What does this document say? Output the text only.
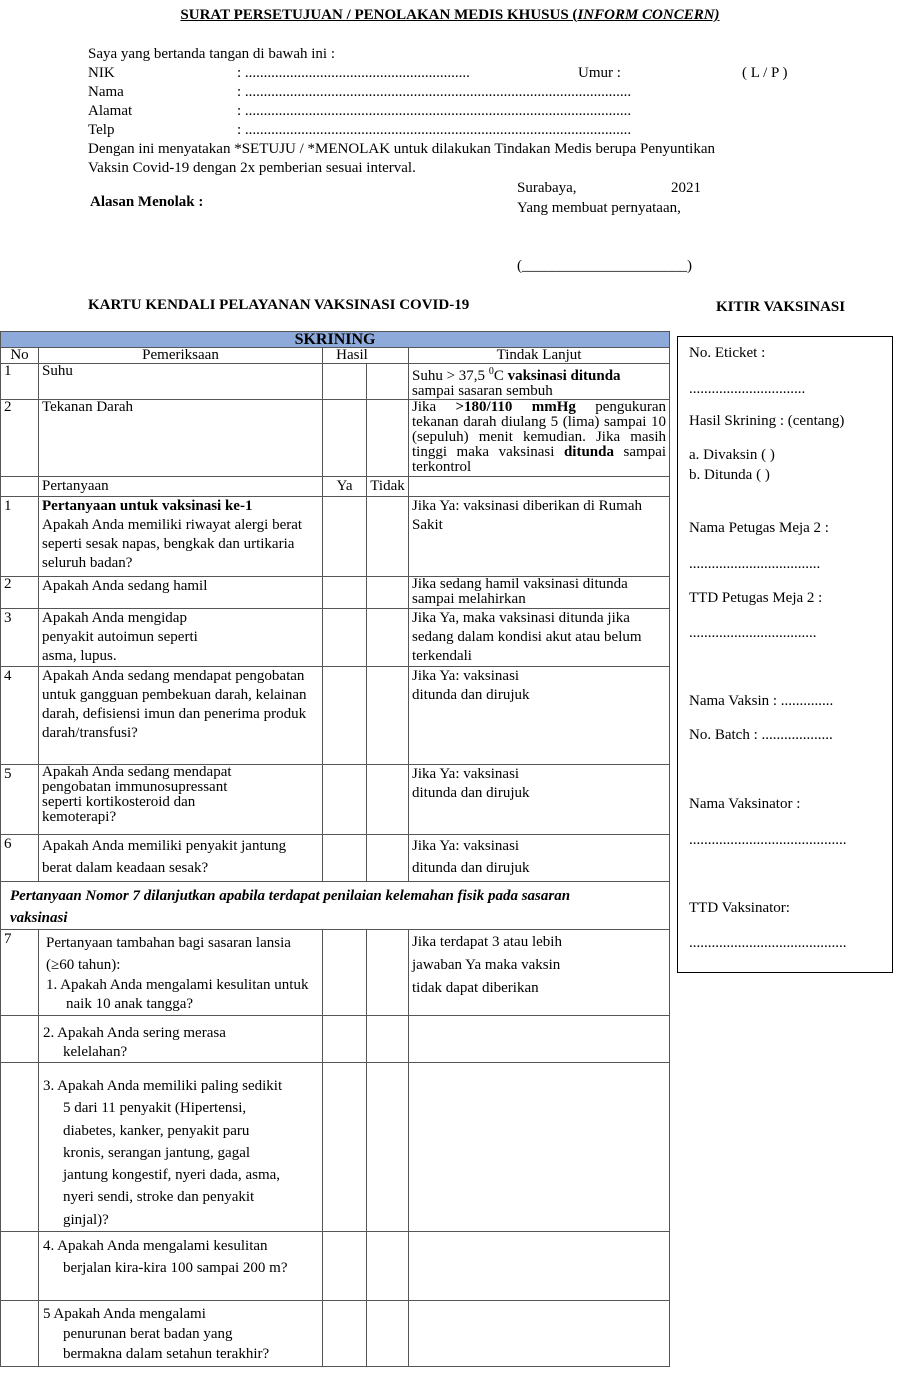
SURAT PERSETUJUAN / PENOLAKAN MEDIS KHUSUS (INFORM CONCERN)
Saya yang bertanda tangan di bawah ini :
NIK	: ............................................................	Umur :	( L / P )
Nama	: .......................................................................................................
Alamat	: .......................................................................................................
Telp	: .......................................................................................................
Dengan ini menyatakan *SETUJU / *MENOLAK untuk dilakukan Tindakan Medis berupa Penyuntikan
Vaksin Covid-19 dengan 2x pemberian sesuai interval.
Surabaya,	2021
Alasan Menolak :	Yang membuat pernyataan,
(______________________)
KARTU KENDALI PELAYANAN VAKSINASI COVID-19	KITIR VAKSINASI
SKRINING				
No	Pemeriksaan	Hasil		Tindak Lanjut
1	Suhu			Suhu > 37,5 $^0$C vaksinasi ditunda
sampai sasaran sembuh
2	Tekanan Darah			Jika >180/110 mmHg pengukuran tekanan darah diulang 5 (lima) sampai 10 (sepuluh) menit kemudian. Jika masih tinggi maka vaksinasi ditunda sampai terkontrol
	Pertanyaan	Ya	Tidak	
1	Pertanyaan untuk vaksinasi ke-1
Apakah Anda memiliki riwayat alergi berat seperti sesak napas, bengkak dan urtikaria seluruh badan?			Jika Ya: vaksinasi diberikan di Rumah Sakit
2	Apakah Anda sedang hamil			Jika sedang hamil vaksinasi ditunda sampai melahirkan
3	Apakah Anda mengidap penyakit autoimun seperti asma, lupus.			Jika Ya, maka vaksinasi ditunda jika sedang dalam kondisi akut atau belum terkendali
4	Apakah Anda sedang mendapat pengobatan untuk gangguan pembekuan darah, kelainan darah, defisiensi imun dan penerima produk darah/transfusi?			Jika Ya: vaksinasi ditunda dan dirujuk
5	Apakah Anda sedang mendapat pengobatan immunosupressant seperti kortikosteroid dan kemoterapi?			Jika Ya: vaksinasi ditunda dan dirujuk
6	Apakah Anda memiliki penyakit jantung berat dalam keadaan sesak?			Jika Ya: vaksinasi ditunda dan dirujuk
Pertanyaan Nomor 7 dilanjutkan apabila terdapat penilaian kelemahan fisik pada sasaran vaksinasi				
7	Pertanyaan tambahan bagi sasaran lansia (≥60 tahun):
1. Apakah Anda mengalami kesulitan untuk naik 10 anak tangga?			Jika terdapat 3 atau lebih jawaban Ya maka vaksin tidak dapat diberikan
	2. Apakah Anda sering merasa kelelahan?			
	3. Apakah Anda memiliki paling sedikit 5 dari 11 penyakit (Hipertensi, diabetes, kanker, penyakit paru kronis, serangan jantung, gagal jantung kongestif, nyeri dada, asma, nyeri sendi, stroke dan penyakit ginjal)?			
	4. Apakah Anda mengalami kesulitan berjalan kira-kira 100 sampai 200 m?			
	5 Apakah Anda mengalami penurunan berat badan yang bermakna dalam setahun terakhir?			
No. Eticket :
...............................
Hasil Skrining : (centang)
a. Divaksin ( )
b. Ditunda ( )
Nama Petugas Meja 2 :
...................................
TTD Petugas Meja 2 :
..................................
Nama Vaksin : ..............
No. Batch : ...................
Nama Vaksinator :
..........................................
TTD Vaksinator:
..........................................
